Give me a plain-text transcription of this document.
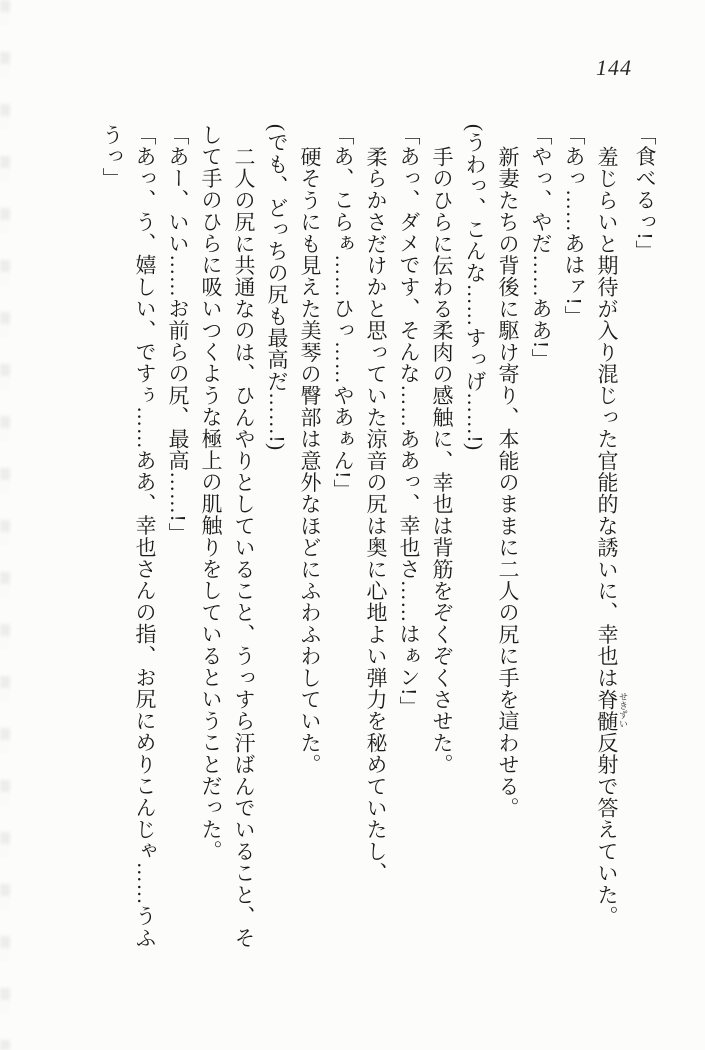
144

「食べるっ!」

羞じらいと期待が入り混じった官能的な誘いに、幸也は脊髄 せきずい反射で答えていた。

「あっ……あはァ!」

「やっ、やだ……ああ!」

新妻たちの背後に駆け寄り、本能のままに二人の尻に手を這わせる。

(うわっ、こんな……すっげ……!)

手のひらに伝わる柔肉の感触に、幸也は背筋をぞくぞくさせた。

「あっ、ダメです、そんな……ああっ、幸也さ……はぁン!」

柔らかさだけかと思っていた涼音の尻は奥に心地よい弾力を秘めていたし、

「あ、こらぁ……ひっ……やあぁん!」

硬そうにも見えた美琴の臀部は意外なほどにふわふわしていた。

(でも、どっちの尻も最高だ……!)

二人の尻に共通なのは、ひんやりとしていること、うっすら汗ばんでいること、そ

して手のひらに吸いつくような極上の肌触りをしているということだった。

「あー、いい……お前らの尻、最高……!」

「あっ、う、嬉しい、ですぅ……ああ、幸也さんの指、お尻にめりこんじゃ……うふ

うっ」
